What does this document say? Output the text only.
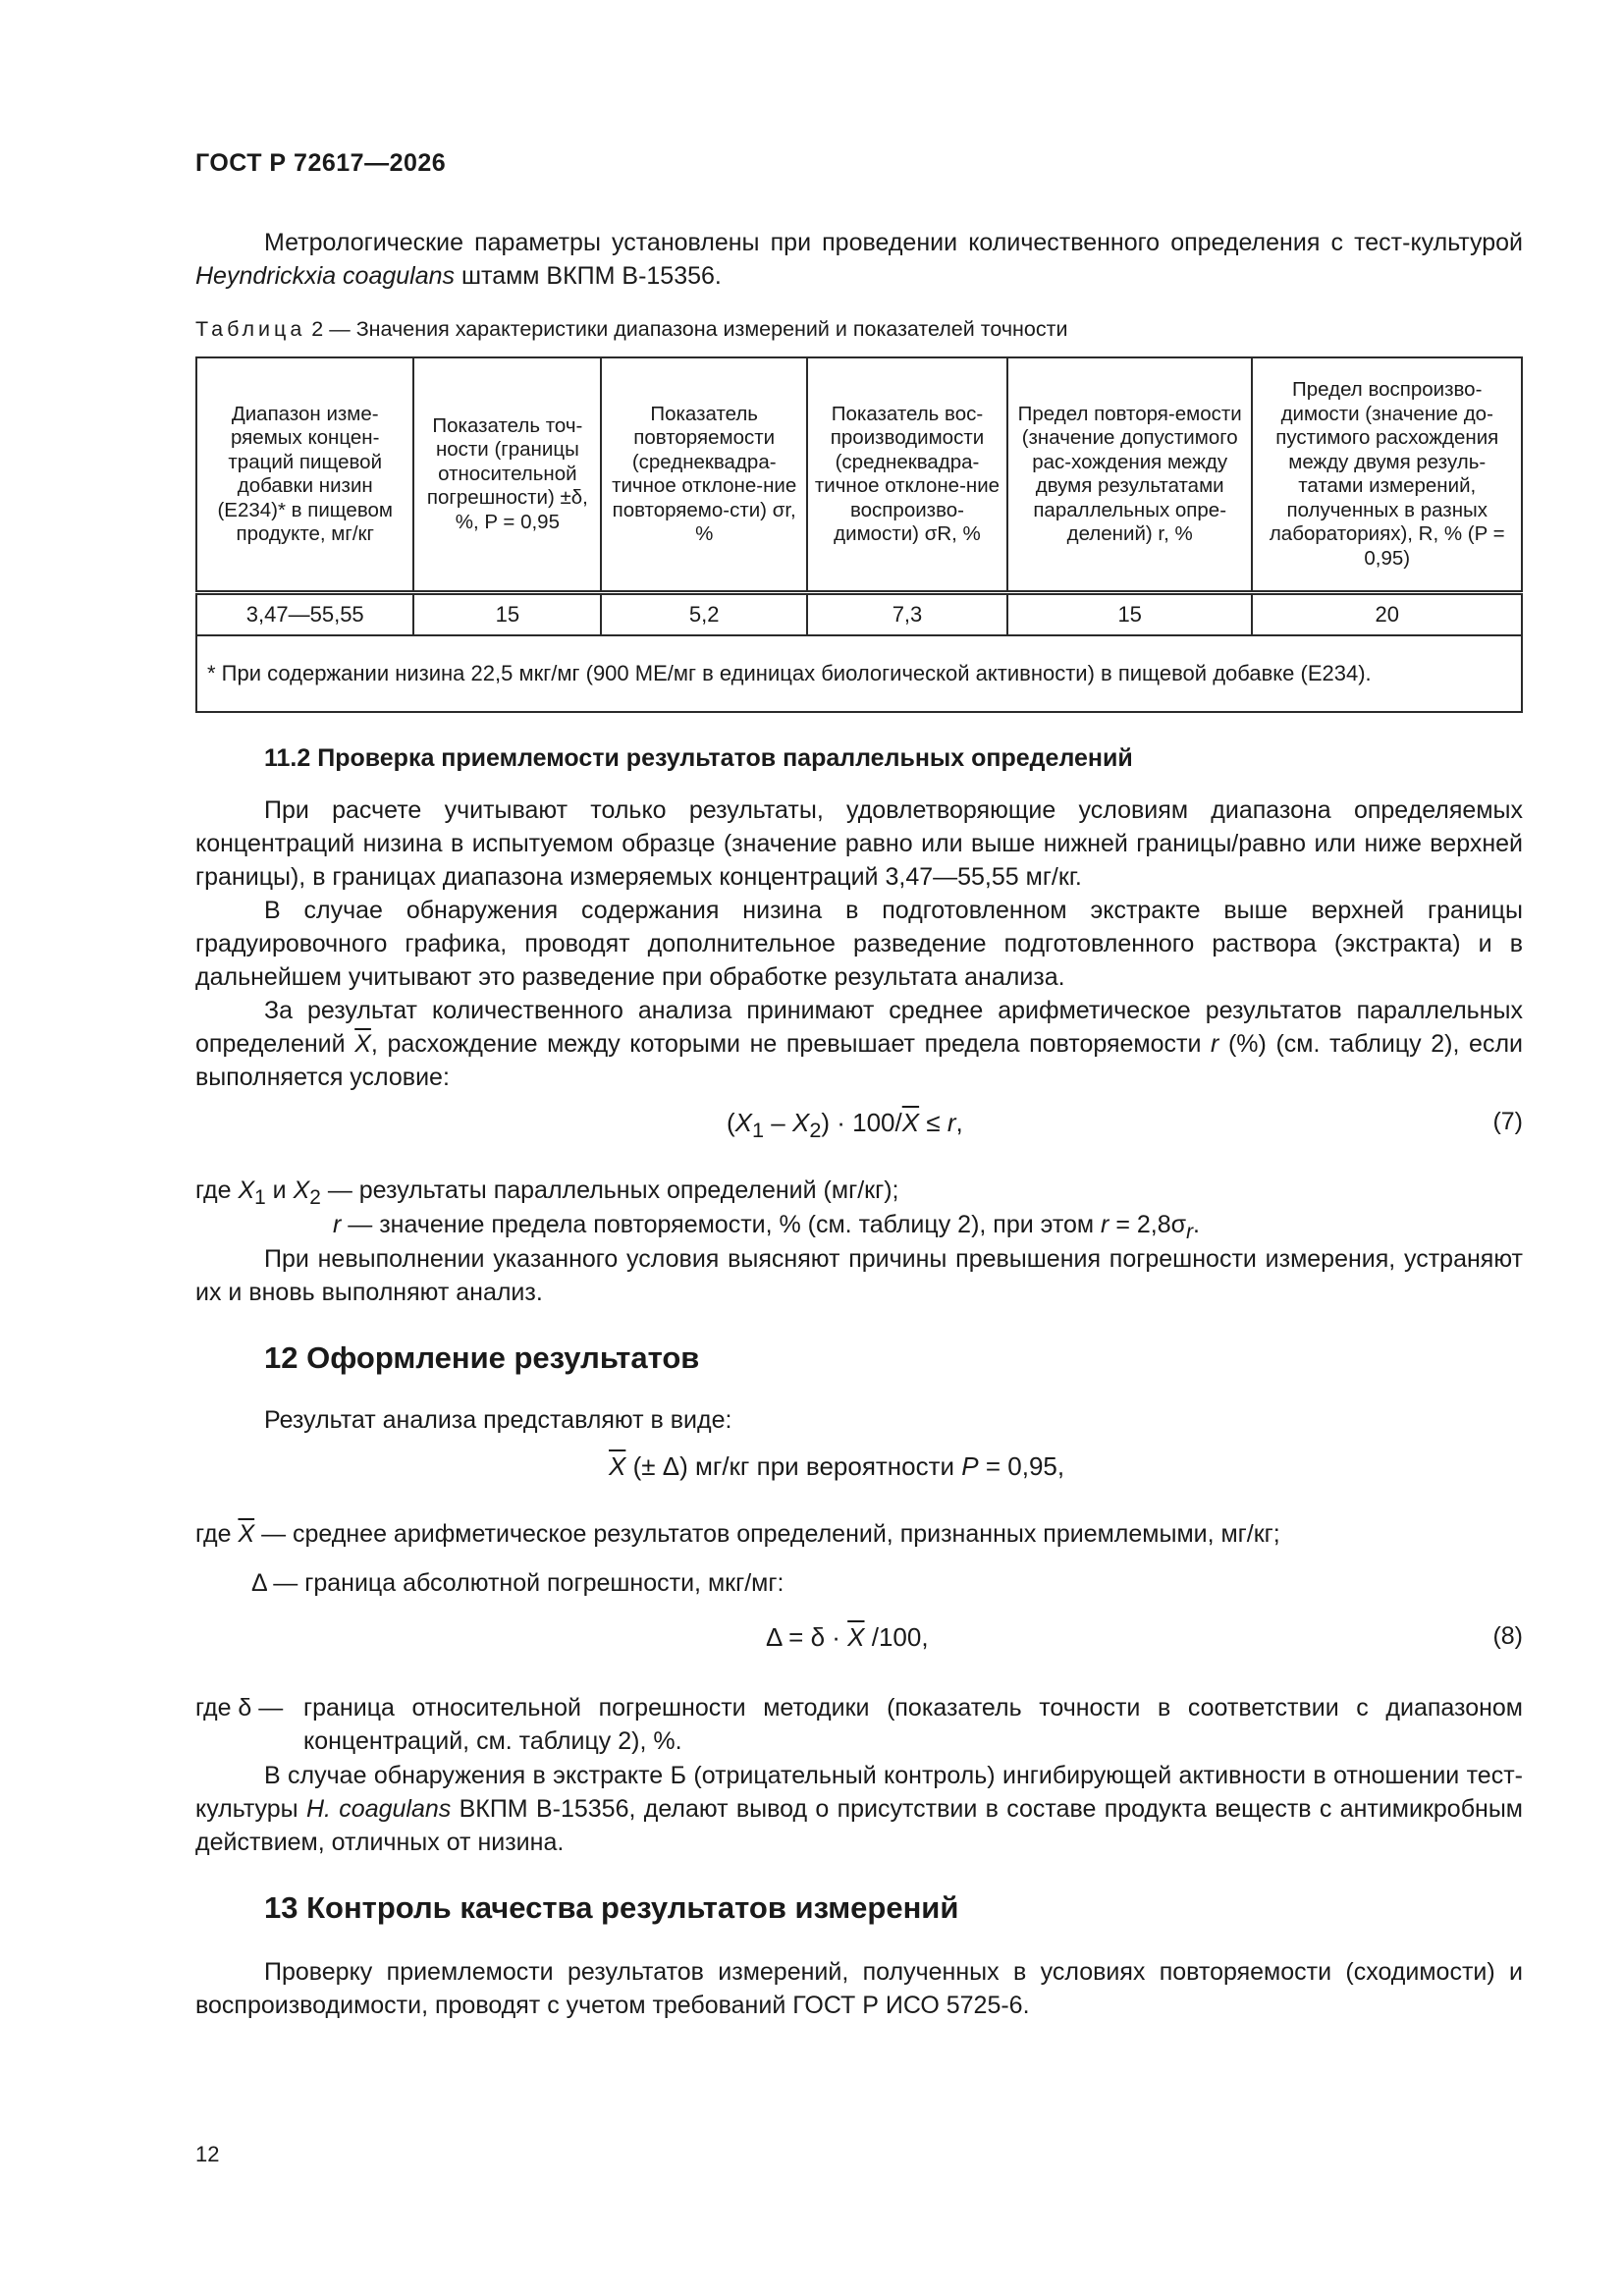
ГОСТ Р 72617—2026
Метрологические параметры установлены при проведении количественного определения с тест-культурой Heyndrickxia coagulans штамм ВКПМ В-15356.
Таблица 2 — Значения характеристики диапазона измерений и показателей точности
Диапазон изме-ряемых концен-траций пищевой добавки низин (Е234)* в пищевом продукте, мг/кг	Показатель точ-ности (границы относительной погрешности) ±δ, %, P = 0,95	Показатель повторяемости (среднеквадра-тичное отклоне-ние повторяемо-сти) σr, %	Показатель вос-производимости (среднеквадра-тичное отклоне-ние воспроизво-димости) σR, %	Предел повторя-емости (значение допустимого рас-хождения между двумя результатами параллельных опре-делений) r, %	Предел воспроизво-димости (значение до-пустимого расхождения между двумя резуль-татами измерений, полученных в разных лабораториях), R, % (P = 0,95)
3,47—55,55	15	5,2	7,3	15	20
* При содержании низина 22,5 мкг/мг (900 МЕ/мг в единицах биологической активности) в пищевой добавке (Е234).					
11.2 Проверка приемлемости результатов параллельных определений
При расчете учитывают только результаты, удовлетворяющие условиям диапазона определяемых концентраций низина в испытуемом образце (значение равно или выше нижней границы/равно или ниже верхней границы), в границах диапазона измеряемых концентраций 3,47—55,55 мг/кг.
В случае обнаружения содержания низина в подготовленном экстракте выше верхней границы градуировочного графика, проводят дополнительное разведение подготовленного раствора (экстракта) и в дальнейшем учитывают это разведение при обработке результата анализа.
За результат количественного анализа принимают среднее арифметическое результатов параллельных определений $\overline{X}$, расхождение между которыми не превышает предела повторяемости r (%) (см. таблицу 2), если выполняется условие:
$(X_1 - X_2) \cdot 100/\overline{X} \le r$,	(7)
где $X_1$ и $X_2$ — результаты параллельных определений (мг/кг);
r — значение предела повторяемости, % (см. таблицу 2), при этом $r = 2,8\sigma_r$.
При невыполнении указанного условия выясняют причины превышения погрешности измерения, устраняют их и вновь выполняют анализ.
12 Оформление результатов
Результат анализа представляют в виде:
$\overline{X}$ (± Δ) мг/кг при вероятности P = 0,95,
где $\overline{X}$ — среднее арифметическое результатов определений, признанных приемлемыми, мг/кг;
Δ — граница абсолютной погрешности, мкг/мг:
$\Delta = \delta \cdot \overline{X}$ /100,	(8)
где δ — граница относительной погрешности методики (показатель точности в соответствии с диапазоном концентраций, см. таблицу 2), %.
В случае обнаружения в экстракте Б (отрицательный контроль) ингибирующей активности в отношении тест-культуры H. coagulans ВКПМ В-15356, делают вывод о присутствии в составе продукта веществ с антимикробным действием, отличных от низина.
13 Контроль качества результатов измерений
Проверку приемлемости результатов измерений, полученных в условиях повторяемости (сходимости) и воспроизводимости, проводят с учетом требований ГОСТ Р ИСО 5725-6.
12
